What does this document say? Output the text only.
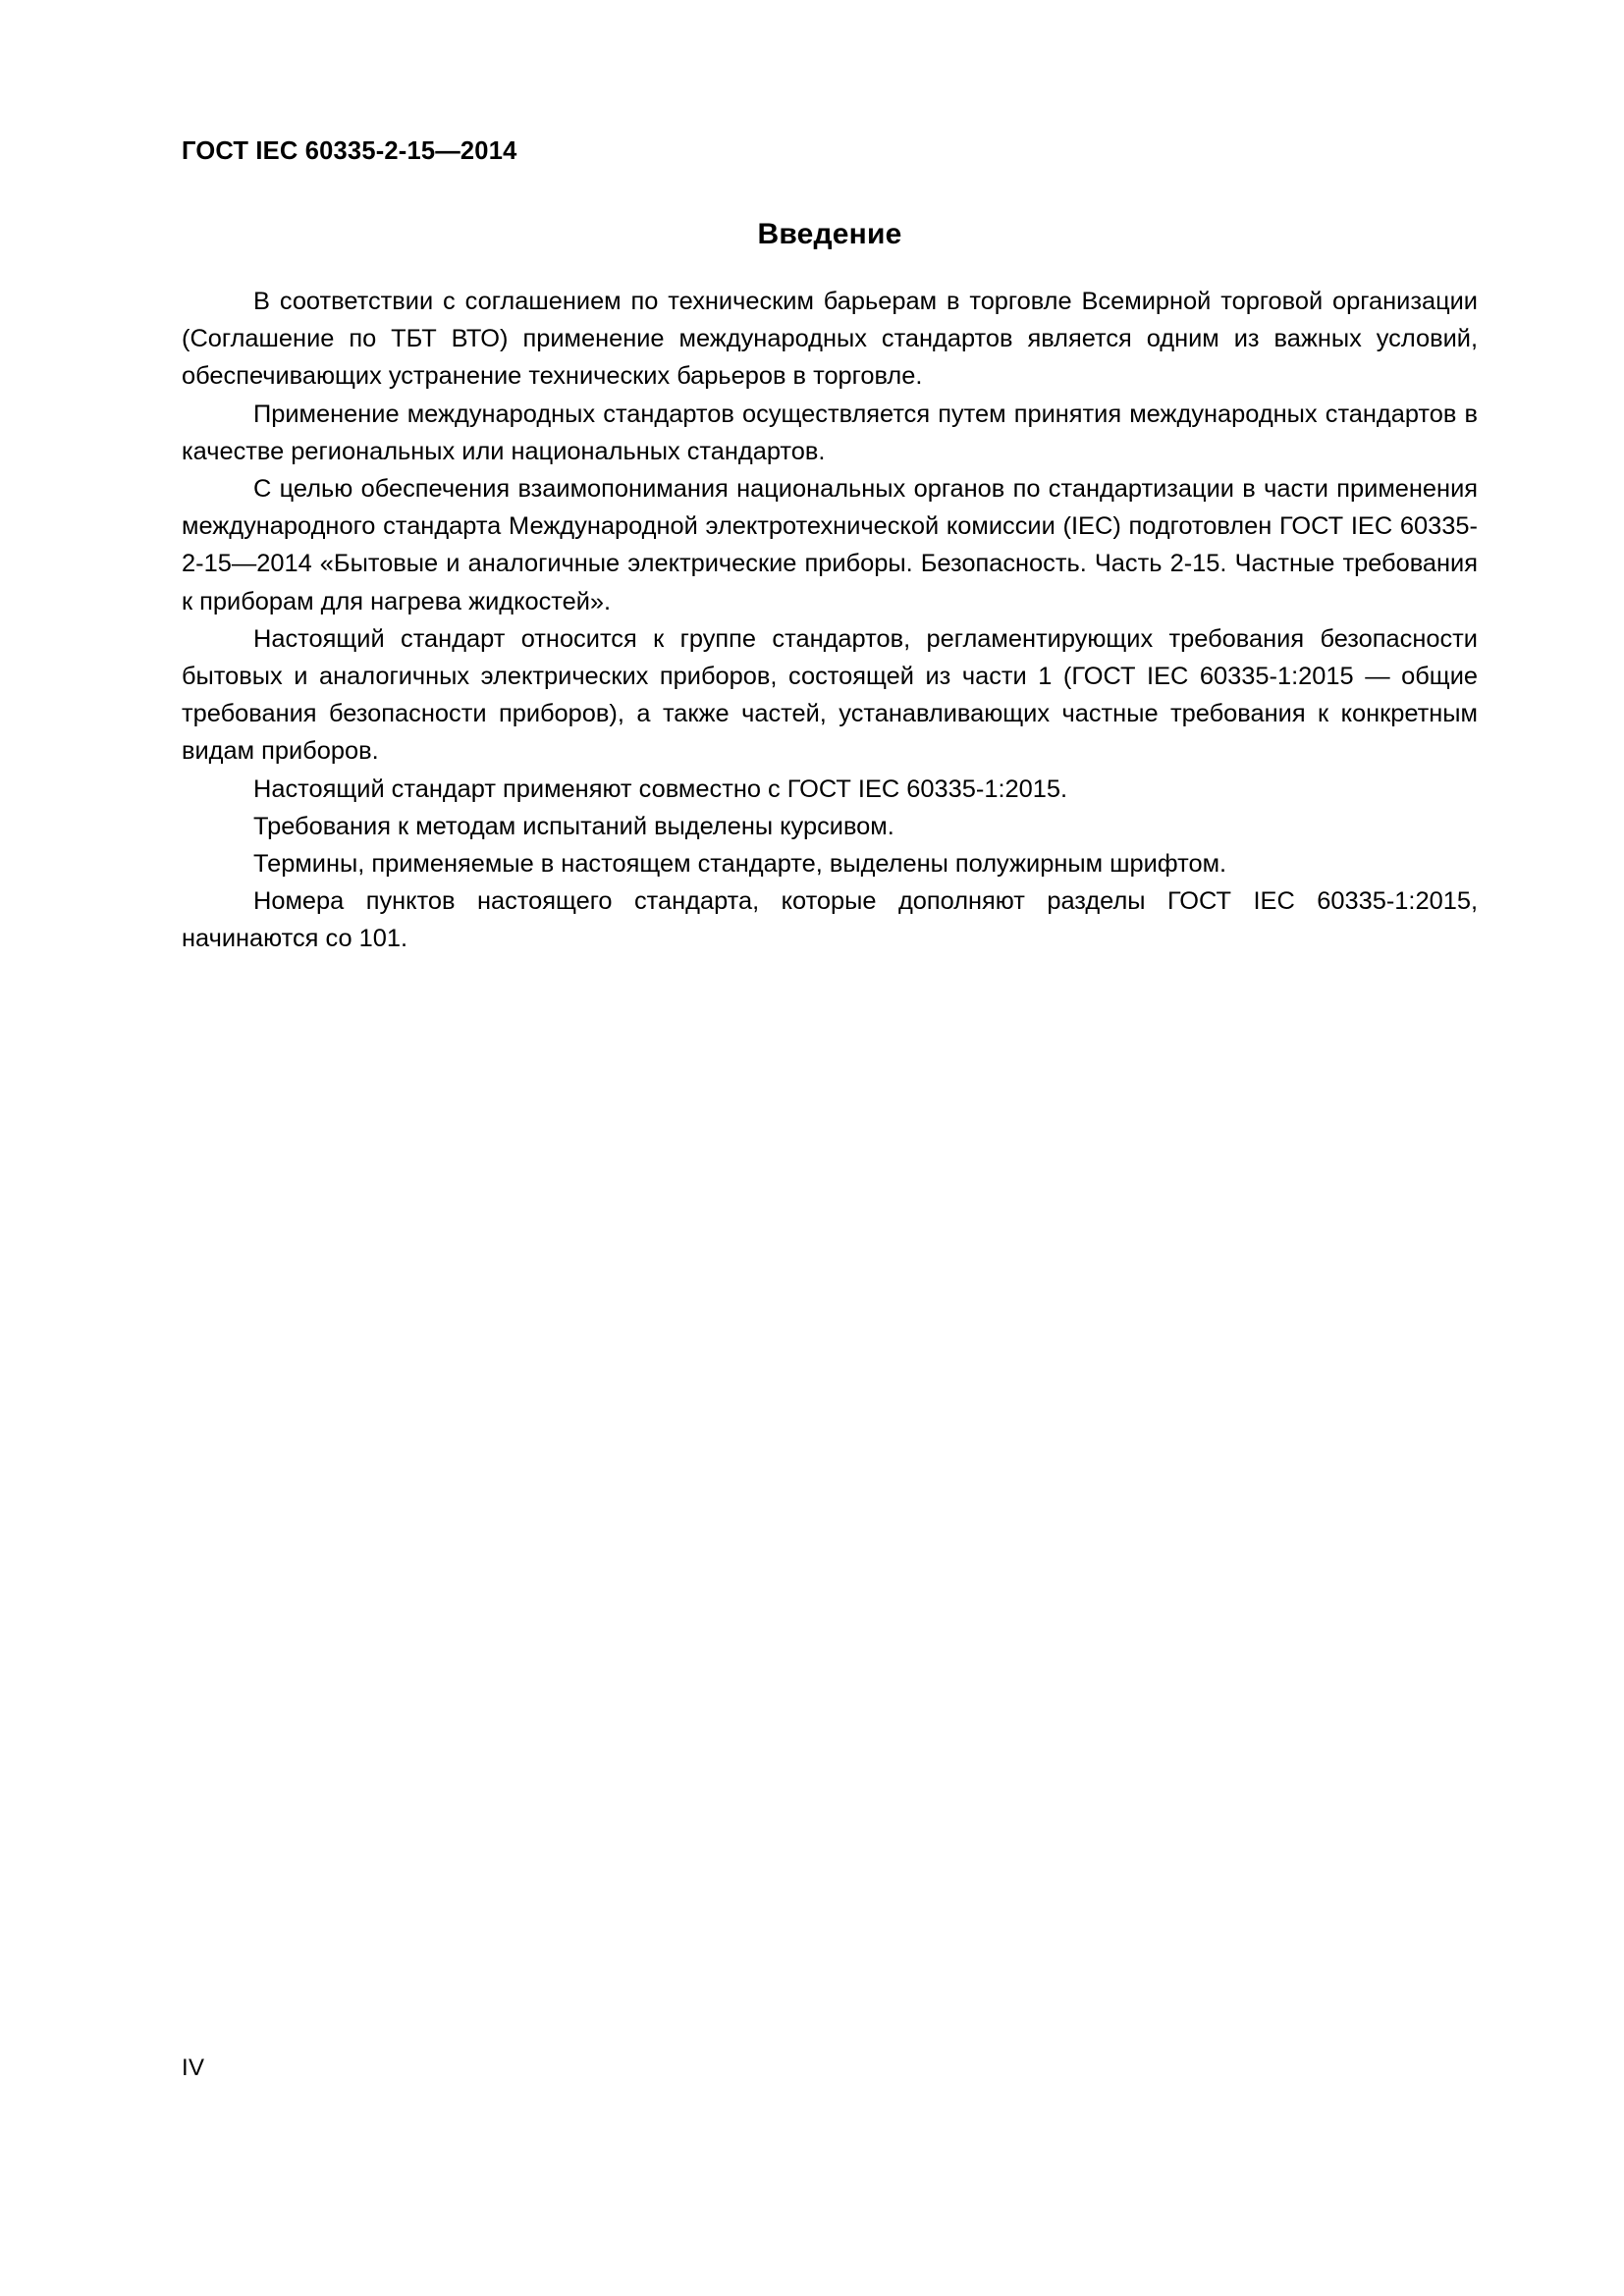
ГОСТ IEC 60335-2-15—2014
Введение

В соответствии с соглашением по техническим барьерам в торговле Всемирной торговой организации (Соглашение по ТБТ ВТО) применение международных стандартов является одним из важных условий, обеспечивающих устранение технических барьеров в торговле.

Применение международных стандартов осуществляется путем принятия международных стандартов в качестве региональных или национальных стандартов.

С целью обеспечения взаимопонимания национальных органов по стандартизации в части применения международного стандарта Международной электротехнической комиссии (IEC) подготовлен ГОСТ IEC 60335-2-15—2014 «Бытовые и аналогичные электрические приборы. Безопасность. Часть 2-15. Частные требования к приборам для нагрева жидкостей».

Настоящий стандарт относится к группе стандартов, регламентирующих требования безопасности бытовых и аналогичных электрических приборов, состоящей из части 1 (ГОСТ IEC 60335-1:2015 — общие требования безопасности приборов), а также частей, устанавливающих частные требования к конкретным видам приборов.

Настоящий стандарт применяют совместно с ГОСТ IEC 60335-1:2015.

Требования к методам испытаний выделены курсивом.

Термины, применяемые в настоящем стандарте, выделены полужирным шрифтом.

Номера пунктов настоящего стандарта, которые дополняют разделы ГОСТ IEC 60335-1:2015, начинаются со 101.

IV
